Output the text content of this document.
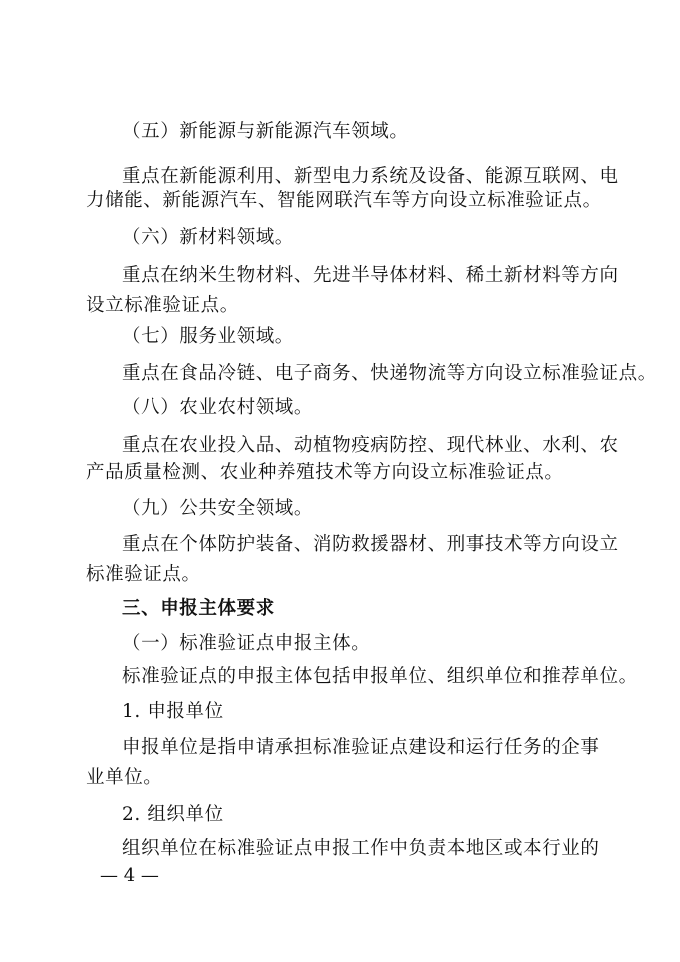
（五）新能源与新能源汽车领域。
重点在新能源利用、新型电力系统及设备、能源互联网、电
力储能、新能源汽车、智能网联汽车等方向设立标准验证点。
（六）新材料领域。
重点在纳米生物材料、先进半导体材料、稀土新材料等方向
设立标准验证点。
（七）服务业领域。
重点在食品冷链、电子商务、快递物流等方向设立标准验证点。
（八）农业农村领域。
重点在农业投入品、动植物疫病防控、现代林业、水利、农
产品质量检测、农业种养殖技术等方向设立标准验证点。
（九）公共安全领域。
重点在个体防护装备、消防救援器材、刑事技术等方向设立
标准验证点。
三、申报主体要求
（一）标准验证点申报主体。
标准验证点的申报主体包括申报单位、组织单位和推荐单位。
1. 申报单位
申报单位是指申请承担标准验证点建设和运行任务的企事
业单位。
2. 组织单位
组织单位在标准验证点申报工作中负责本地区或本行业的
— 4 —
